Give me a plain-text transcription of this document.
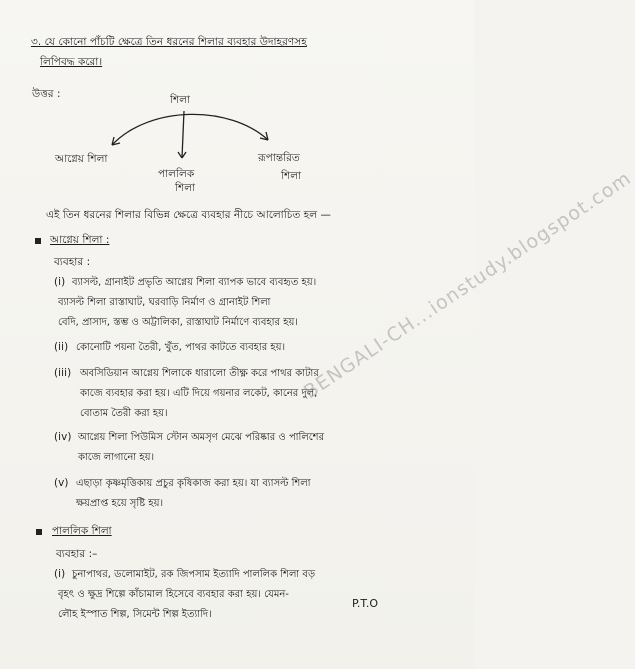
৩. যে কোনো পাঁচটি ক্ষেত্রে তিন ধরনের শিলার ব্যবহার উদাহরণসহ
লিপিবদ্ধ করো।
উত্তর :	শিলা
আগ্নেয় শিলা
পাললিক
শিলা
রূপান্তরিত
শিলা
এই তিন ধরনের শিলার বিভিন্ন ক্ষেত্রে ব্যবহার নীচে আলোচিত হল —
আগ্নেয় শিলা :
ব্যবহার :
(i) ব্যাসল্ট, গ্রানাইট প্রভৃতি আগ্নেয় শিলা ব্যাপক ভাবে ব্যবহৃত হয়।
ব্যাসল্ট শিলা রাস্তাঘাট, ঘরবাড়ি নির্মাণ ও গ্রানাইট শিলা
বেদি, প্রাসাদ, স্তম্ভ ও অট্টালিকা, রাস্তাঘাট নির্মাণে ব্যবহার হয়।
(ii) কোনোটি পয়না তৈরী, খুঁত, পাথর কাটতে ব্যবহার হয়।
(iii) অবসিডিয়ান আগ্নেয় শিলাকে ধারালো তীক্ষ্ণ করে পাথর কাটার
কাজে ব্যবহার করা হয়। এটি দিয়ে গয়নার লকেট, কানের দুল,
বোতাম তৈরী করা হয়।
(iv) আগ্নেয় শিলা পিউমিস স্টোন অমসৃণ মেঝে পরিষ্কার ও পালিশের
কাজে লাগানো হয়।
(v) এছাড়া কৃষ্ণমৃত্তিকায় প্রচুর কৃষিকাজ করা হয়। যা ব্যাসল্ট শিলা
ক্ষয়প্রাপ্ত হয়ে সৃষ্টি হয়।
পাললিক শিলা
ব্যবহার :–
(i) চুনাপাথর, ডলোমাইট, রক জিপসাম ইত্যাদি পাললিক শিলা বড়
বৃহৎ ও ক্ষুদ্র শিল্পে কাঁচামাল হিসেবে ব্যবহার করা হয়। যেমন-
লৌহ ইস্পাত শিল্প, সিমেন্ট শিল্প ইত্যাদি।
P.T.O
BENGALI-CH...ionstudy.blogspot.com
